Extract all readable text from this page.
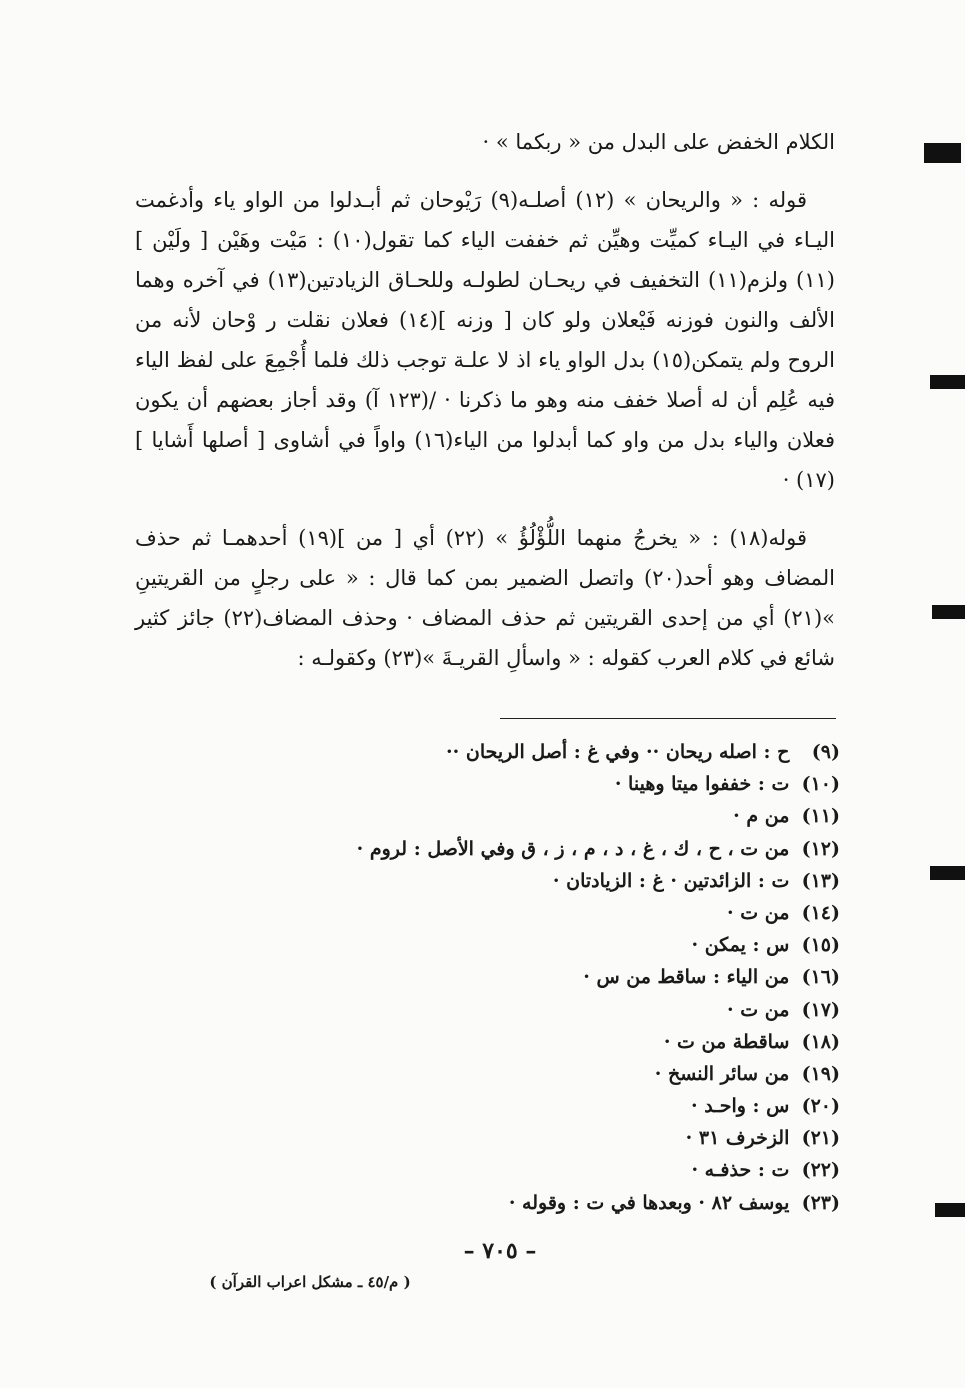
الكلام الخفض على البدل من « ربكما » ·

قوله : « والريحان » (١٢) أصلـه(٩) رَيْوحان ثم أبـدلوا من الواو ياء وأدغمت اليـاء في اليـاء كميِّت وهيِّن ثم خففت الياء كما تقول(١٠) : مَيْت وهَيْن [ ولَيْن ](١١) ولزم(١١) التخفيف في ريحـان لطولـه وللحـاق الزيادتين(١٣) في آخره وهما الألف والنون فوزنه فَيْعلان ولو كان [ وزنه ](١٤) فعلان نقلت ر وْحان لأنه من الروح ولم يتمكن(١٥) بدل الواو ياء اذ لا علـة توجب ذلك فلما أُجْمِعَ على لفظ الياء فيه عُلِم أن له أصلا خفف منه وهو ما ذكرنا · /(١٢٣ آ) وقد أجاز بعضهم أن يكون فعلان والياء بدل من واو كما أبدلوا من الياء(١٦) واواً في أشاوى [ أصلها أَشايا ](١٧) ·

قوله(١٨) : « يخرجُ منهما اللُّؤْلُؤُ » (٢٢) أي [ من ](١٩) أحدهمـا ثم حذف المضاف وهو أحد(٢٠) واتصل الضمير بمن كما قال : « على رجلٍ من القريتينِ »(٢١) أي من إحدى القريتين ثم حذف المضاف · وحذف المضاف(٢٢) جائز كثير شائع في كلام العرب كقوله : « واسألِ القريـةَ »(٢٣) وكقولـه :

(٩) ح : اصله ريحان ·· وفي غ : أصل الريحان ··
(١٠) ت : خففوا ميتا وهينا ·
(١١) من م ·
(١٢) من ت ، ح ، ك ، غ ، د ، م ، ز ، ق وفي الأصل : لروم ·
(١٣) ت : الزائدتين · غ : الزيادتان ·
(١٤) من ت ·
(١٥) س : يمكن ·
(١٦) من الياء : ساقط من س ·
(١٧) من ت ·
(١٨) ساقطة من ت ·
(١٩) من سائر النسخ ·
(٢٠) س : واحـد ·
(٢١) الزخرف ٣١ ·
(٢٢) ت : حذفـه ·
(٢٣) يوسف ٨٢ · وبعدها في ت : وقوله ·
– ٧٠٥ –
( م/٤٥ ـ مشكل اعراب القرآن )
